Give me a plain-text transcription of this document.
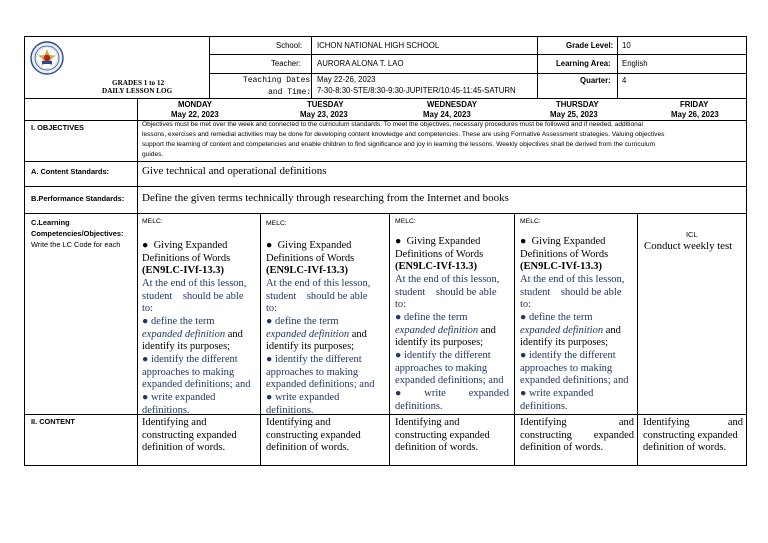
GRADES 1 to 12
DAILY LESSON LOG
School: ICHON NATIONAL HIGH SCHOOL
Teacher: AURORA ALONA T. LAO
Teaching Dates
and Time:
May 22-26, 2023
7-30-8:30-STE/8:30-9:30-JUPITER/10:45-11:45-SATURN
Grade Level: 10
Learning Area: English
Quarter: 4
MONDAY
May 22, 2023
TUESDAY
May 23, 2023
WEDNESDAY
May 24, 2023
THURSDAY
May 25, 2023
FRIDAY
May 26, 2023
I. OBJECTIVES	Objectives must be met over the week and connected to the curriculum standards. To meet the objectives, necessary procedures must be followed and if needed, additional
lessons, exercises and remedial activities may be done for developing content knowledge and competencies. These are using Formative Assessment strategies. Valuing objectives
support the learning of content and competencies and enable children to find significance and joy in learning the lessons. Weekly objectives shall be derived from the curriculum
guides.
A. Content Standards:	Give technical and operational definitions
B.Performance Standards: Define the given terms technically through researching from the Internet and books
C.Learning
Competencies/Objectives:
Write the LC Code for each
MELC:
● Giving Expanded
Definitions of Words
(EN9LC-IVf-13.3)
At the end of this lesson,
student should be able
to:
● define the term
expanded definition and
identify its purposes;
● identify the different
approaches to making
expanded definitions; and
● write expanded
definitions.
MELC:
● Giving Expanded
Definitions of Words
(EN9LC-IVf-13.3)
At the end of this lesson,
student should be able
to:
● define the term
expanded definition and
identify its purposes;
● identify the different
approaches to making
expanded definitions; and
● write expanded
definitions.
MELC:
● Giving Expanded
Definitions of Words
(EN9LC-IVf-13.3)
At the end of this lesson,
student should be able
to:
● define the term
expanded definition and
identify its purposes;
● identify the different
approaches to making
expanded definitions; and
● write expanded
definitions.
MELC:
● Giving Expanded
Definitions of Words
(EN9LC-IVf-13.3)
At the end of this lesson,
student should be able
to:
● define the term
expanded definition and
identify its purposes;
● identify the different
approaches to making
expanded definitions; and
● write expanded
definitions.
ICL
Conduct weekly test
II. CONTENT	Identifying and
constructing expanded
definition of words.
Identifying and
constructing expanded
definition of words.
Identifying and
constructing expanded
definition of words.
Identifying	and
constructing expanded
definition of words.
Identifying	and
constructing expanded
definition of words.
